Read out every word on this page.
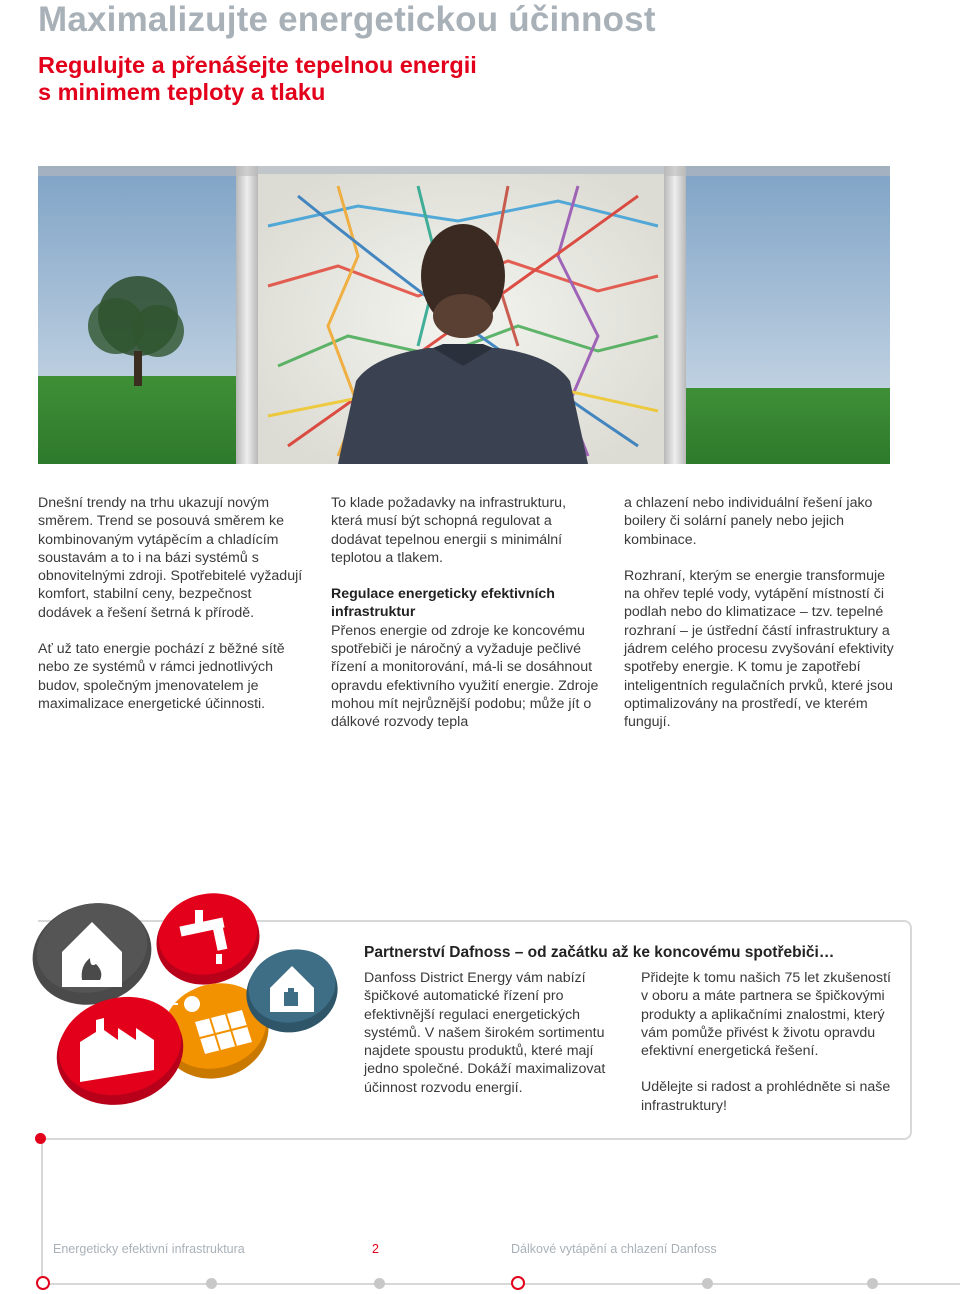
Maximalizujte energetickou účinnost
Regulujte a přenášejte tepelnou energii
s minimem teploty a tlaku

Dnešní trendy na trhu ukazují novým směrem. Trend se posouvá směrem ke kombinovaným vytápěcím a chladícím soustavám a to i na bázi systémů s obnovitelnými zdroji. Spotřebitelé vyžadují komfort, stabilní ceny, bezpečnost dodávek a řešení šetrná k přírodě.

Ať už tato energie pochází z běžné sítě nebo ze systémů v rámci jednotlivých budov, společným jmenovatelem je maximalizace energetické účinnosti.

To klade požadavky na infrastrukturu, která musí být schopná regulovat a dodávat tepelnou energii s minimální teplotou a tlakem.

Regulace energeticky efektivních infrastruktur

Přenos energie od zdroje ke koncovému spotřebiči je náročný a vyžaduje pečlivé řízení a monitorování, má-li se dosáhnout opravdu efektivního využití energie. Zdroje mohou mít nejrůznější podobu; může jít o dálkové rozvody tepla

a chlazení nebo individuální řešení jako boilery či solární panely nebo jejich kombinace.

Rozhraní, kterým se energie transformuje na ohřev teplé vody, vytápění místností či podlah nebo do klimatizace – tzv. tepelné rozhraní – je ústřední částí infrastruktury a jádrem celého procesu zvyšování efektivity spotřeby energie. K tomu je zapotřebí inteligentních regulačních prvků, které jsou optimalizovány na prostředí, ve kterém fungují.

Partnerství Dafnoss – od začátku až ke koncovému spotřebiči…

Danfoss District Energy vám nabízí špičkové automatické řízení pro efektivnější regulaci energetických systémů. V našem širokém sortimentu najdete spoustu produktů, které mají jedno společné. Dokáží maximalizovat účinnost rozvodu energií.

Přidejte k tomu našich 75 let zkušeností v oboru a máte partnera se špičkovými produkty a aplikačními znalostmi, který vám pomůže přivést k životu opravdu efektivní energetická řešení.

Udělejte si radost a prohlédněte si naše infrastruktury!

Energeticky efektivní infrastruktura	2	Dálkové vytápění a chlazení Danfoss
